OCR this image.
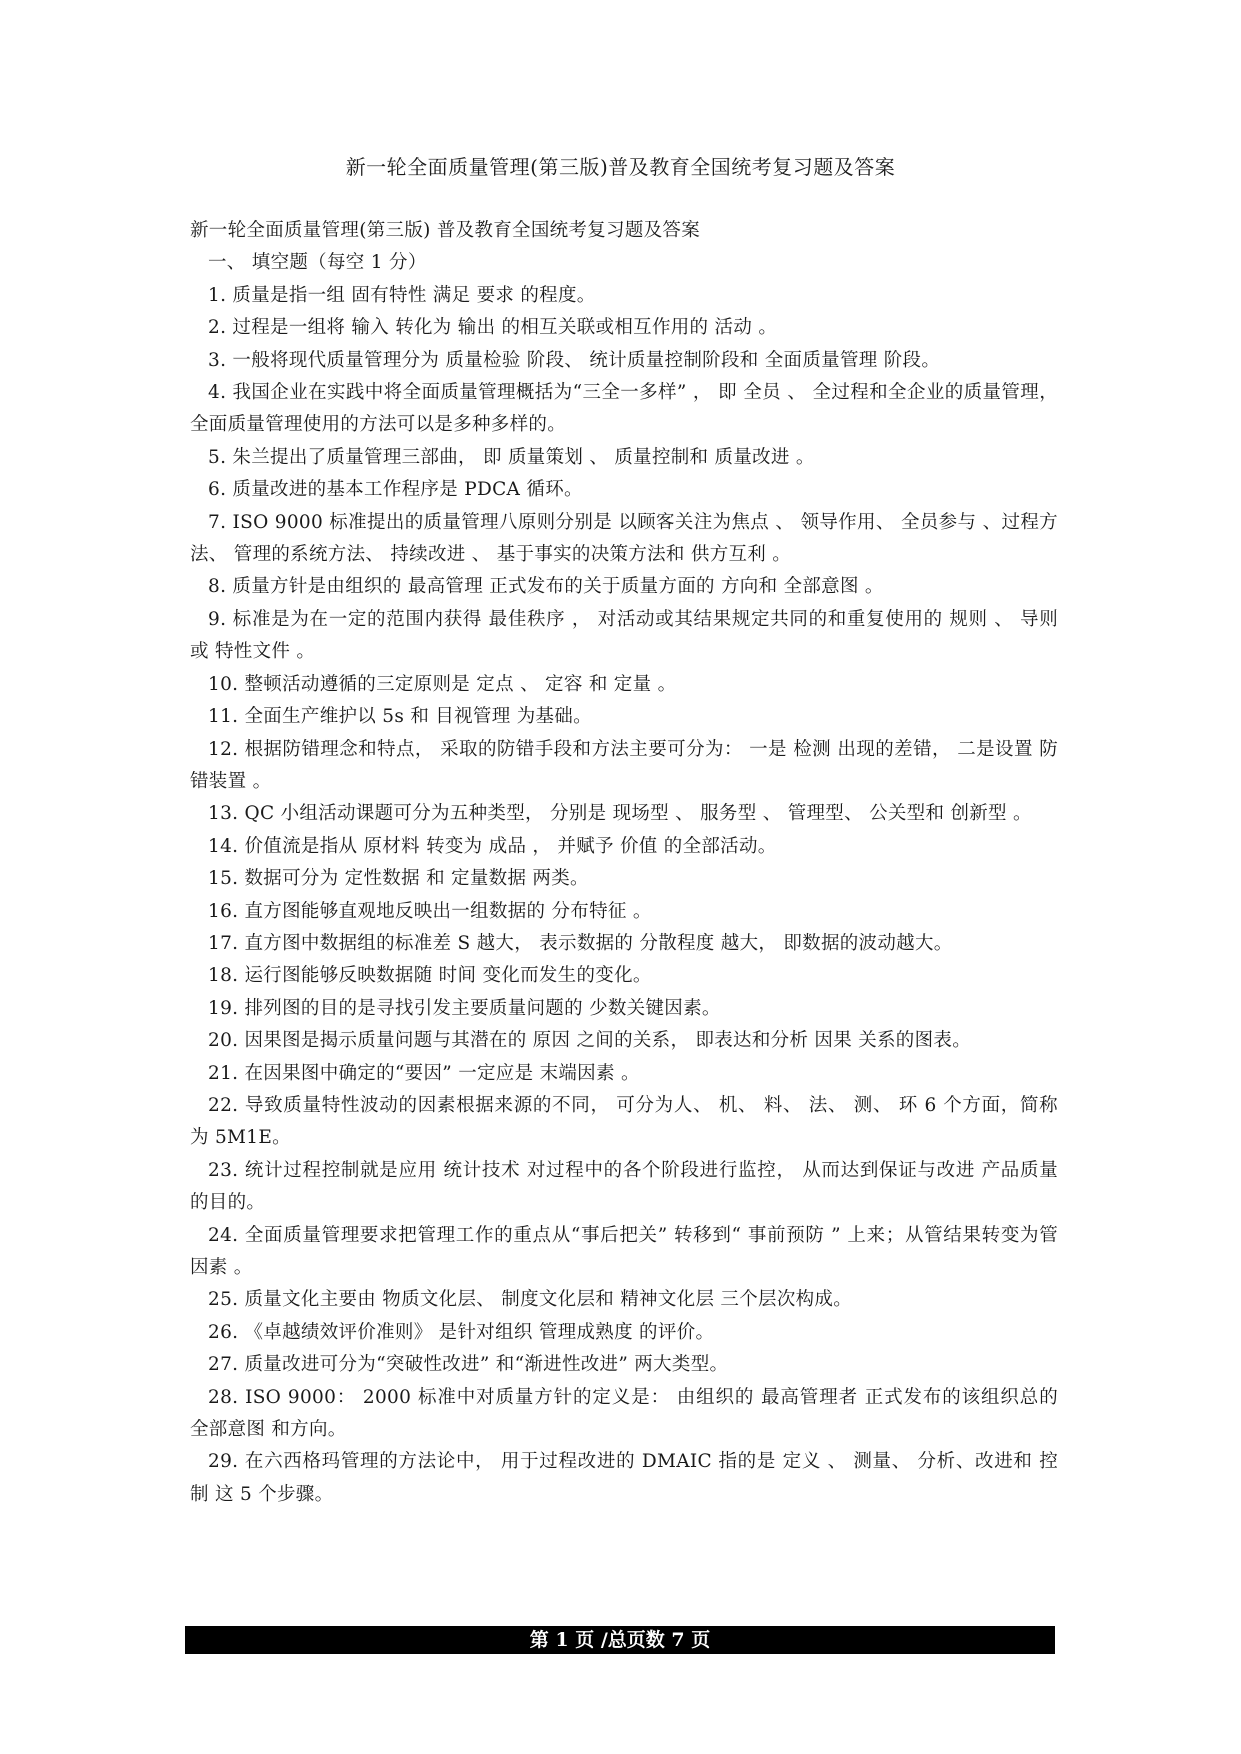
新一轮全面质量管理(第三版)普及教育全国统考复习题及答案

新一轮全面质量管理(第三版) 普及教育全国统考复习题及答案

一、 填空题（每空 1 分）

1. 质量是指一组 固有特性 满足 要求 的程度。

2. 过程是一组将 输入 转化为 输出 的相互关联或相互作用的 活动 。

3. 一般将现代质量管理分为 质量检验 阶段、 统计质量控制阶段和 全面质量管理 阶段。

4. 我国企业在实践中将全面质量管理概括为“三全一多样” ， 即 全员 、 全过程和全企业的质量管理， 全面质量管理使用的方法可以是多种多样的。

5. 朱兰提出了质量管理三部曲， 即 质量策划 、 质量控制和 质量改进 。

6. 质量改进的基本工作程序是 PDCA 循环。

7. ISO 9000 标准提出的质量管理八原则分别是 以顾客关注为焦点 、 领导作用、 全员参与 、过程方法、 管理的系统方法、 持续改进 、 基于事实的决策方法和 供方互利 。

8. 质量方针是由组织的 最高管理 正式发布的关于质量方面的 方向和 全部意图 。

9. 标准是为在一定的范围内获得 最佳秩序 ， 对活动或其结果规定共同的和重复使用的 规则 、 导则或 特性文件 。

10. 整顿活动遵循的三定原则是 定点 、 定容 和 定量 。

11. 全面生产维护以 5s 和 目视管理 为基础。

12. 根据防错理念和特点， 采取的防错手段和方法主要可分为： 一是 检测 出现的差错， 二是设置 防错装置 。

13. QC 小组活动课题可分为五种类型， 分别是 现场型 、 服务型 、 管理型、 公关型和 创新型 。

14. 价值流是指从 原材料 转变为 成品 ， 并赋予 价值 的全部活动。

15. 数据可分为 定性数据 和 定量数据 两类。

16. 直方图能够直观地反映出一组数据的 分布特征 。

17. 直方图中数据组的标准差 S 越大， 表示数据的 分散程度 越大， 即数据的波动越大。

18. 运行图能够反映数据随 时间 变化而发生的变化。

19. 排列图的目的是寻找引发主要质量问题的 少数关键因素。

20. 因果图是揭示质量问题与其潜在的 原因 之间的关系， 即表达和分析 因果 关系的图表。

21. 在因果图中确定的“要因” 一定应是 末端因素 。

22. 导致质量特性波动的因素根据来源的不同， 可分为人、 机、 料、 法、 测、 环 6 个方面，简称为 5M1E。

23. 统计过程控制就是应用 统计技术 对过程中的各个阶段进行监控， 从而达到保证与改进 产品质量 的目的。

24. 全面质量管理要求把管理工作的重点从“事后把关” 转移到“ 事前预防 ” 上来；从管结果转变为管 因素 。

25. 质量文化主要由 物质文化层、 制度文化层和 精神文化层 三个层次构成。

26. 《卓越绩效评价准则》 是针对组织 管理成熟度 的评价。

27. 质量改进可分为“突破性改进” 和“渐进性改进” 两大类型。

28. ISO 9000： 2000 标准中对质量方针的定义是： 由组织的 最高管理者 正式发布的该组织总的 全部意图 和方向。

29. 在六西格玛管理的方法论中， 用于过程改进的 DMAIC 指的是 定义 、 测量、 分析、改进和 控制 这 5 个步骤。

第 1 页 /总页数 7 页
